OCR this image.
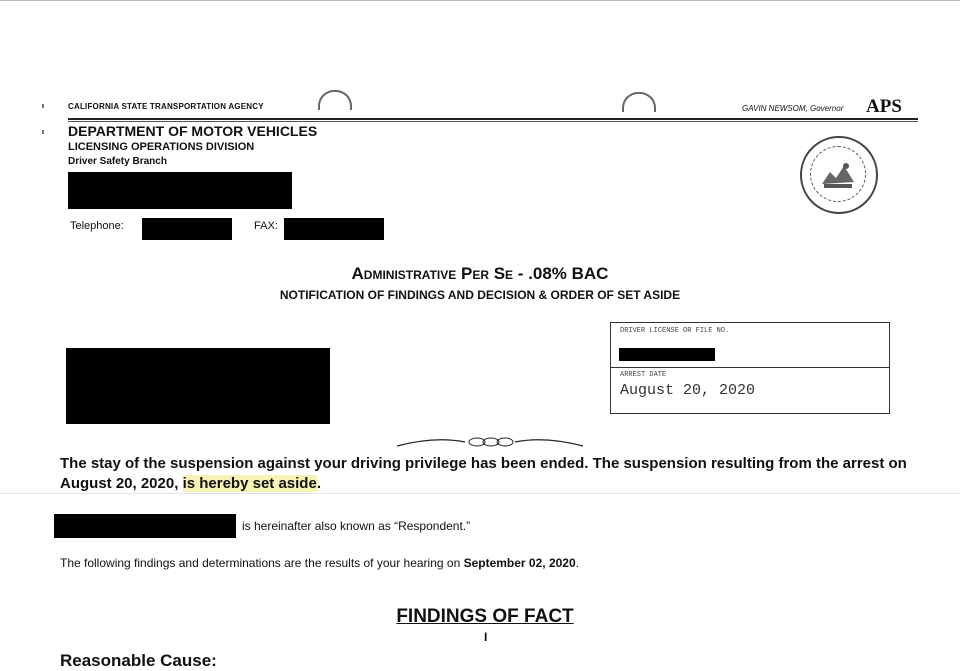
CALIFORNIA STATE TRANSPORTATION AGENCY	GAVIN NEWSOM, Governor APS
DEPARTMENT OF MOTOR VEHICLES
LICENSING OPERATIONS DIVISION
Driver Safety Branch
Telephone:	FAX:
Administrative Per Se - .08% BAC
NOTIFICATION OF FINDINGS AND DECISION & ORDER OF SET ASIDE
DRIVER LICENSE OR FILE NO.
ARREST DATE
August 20, 2020
The stay of the suspension against your driving privilege has been ended. The suspension resulting from the arrest on August 20, 2020, is hereby set aside.
is hereinafter also known as “Respondent.”
The following findings and determinations are the results of your hearing on September 02, 2020.
FINDINGS OF FACT
I
Reasonable Cause:
